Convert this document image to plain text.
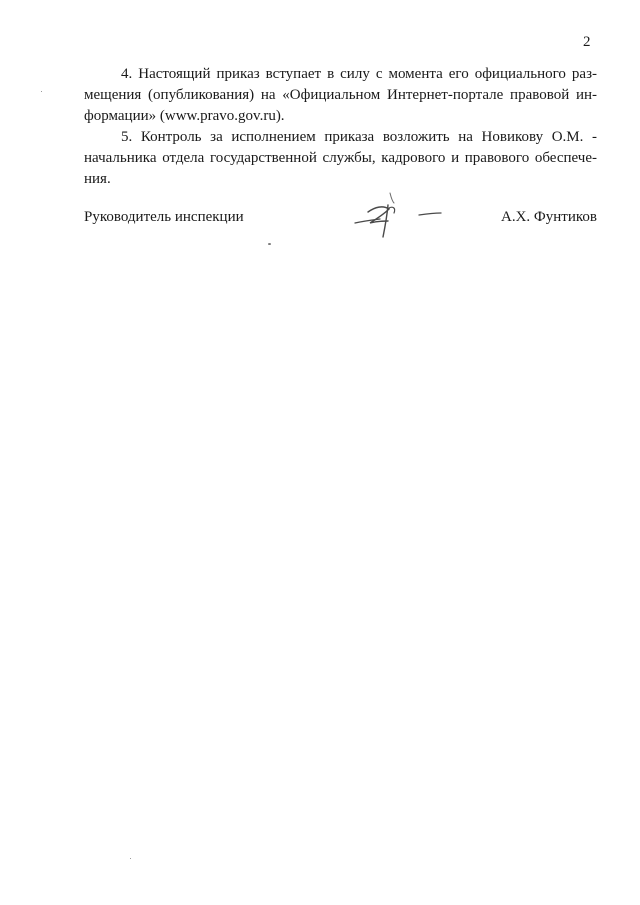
2
4. Настоящий приказ вступает в силу с момента его официального раз-
мещения (опубликования) на «Официальном Интернет-портале правовой ин-
формации» (www.pravo.gov.ru).
5. Контроль за исполнением приказа возложить на Новикову О.М. -
начальника отдела государственной службы, кадрового и правового обеспече-
ния.
Руководитель инспекции	А.Х. Фунтиков
